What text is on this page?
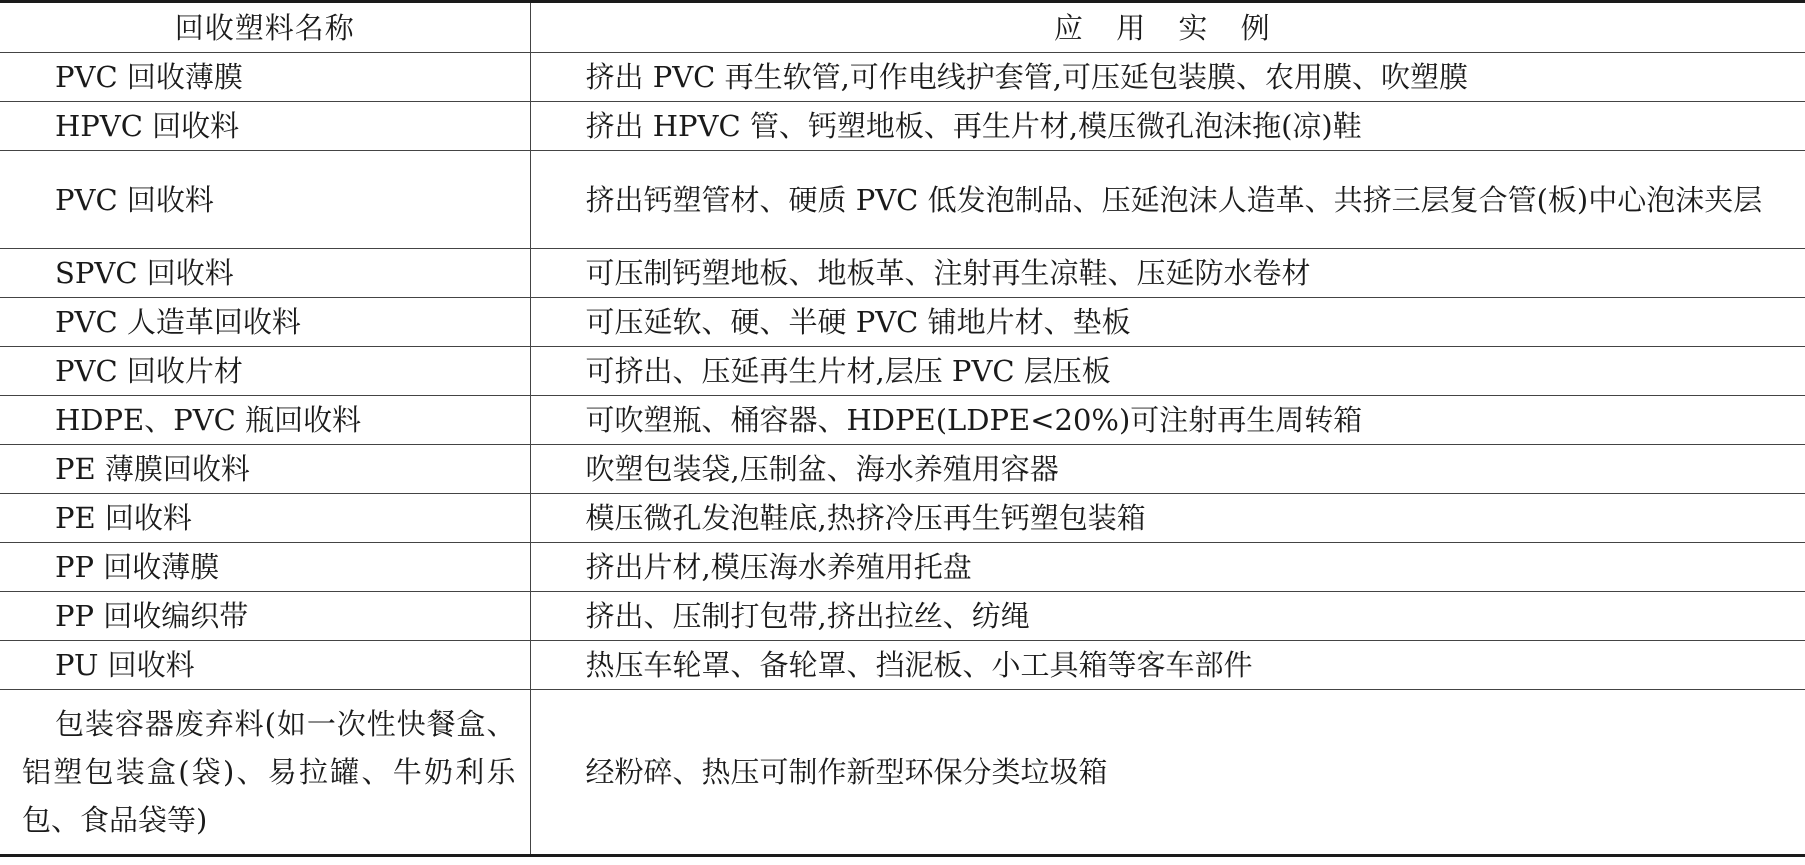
回收塑料名称	应 用 实 例
PVC 回收薄膜	挤出 PVC 再生软管,可作电线护套管,可压延包装膜、农用膜、吹塑膜
HPVC 回收料	挤出 HPVC 管、钙塑地板、再生片材,模压微孔泡沫拖(凉)鞋
PVC 回收料	挤出钙塑管材、硬质 PVC 低发泡制品、压延泡沫人造革、共挤三层复合管(板)中心泡沫夹层
SPVC 回收料	可压制钙塑地板、地板革、注射再生凉鞋、压延防水卷材
PVC 人造革回收料	可压延软、硬、半硬 PVC 铺地片材、垫板
PVC 回收片材	可挤出、压延再生片材,层压 PVC 层压板
HDPE、PVC 瓶回收料	可吹塑瓶、桶容器、HDPE(LDPE<20%)可注射再生周转箱
PE 薄膜回收料	吹塑包装袋,压制盆、海水养殖用容器
PE 回收料	模压微孔发泡鞋底,热挤冷压再生钙塑包装箱
PP 回收薄膜	挤出片材,模压海水养殖用托盘
PP 回收编织带	挤出、压制打包带,挤出拉丝、纺绳
PU 回收料	热压车轮罩、备轮罩、挡泥板、小工具箱等客车部件
包装容器废弃料(如一次性快餐盒、铝塑包装盒(袋)、易拉罐、牛奶利乐包、食品袋等)	经粉碎、热压可制作新型环保分类垃圾箱
